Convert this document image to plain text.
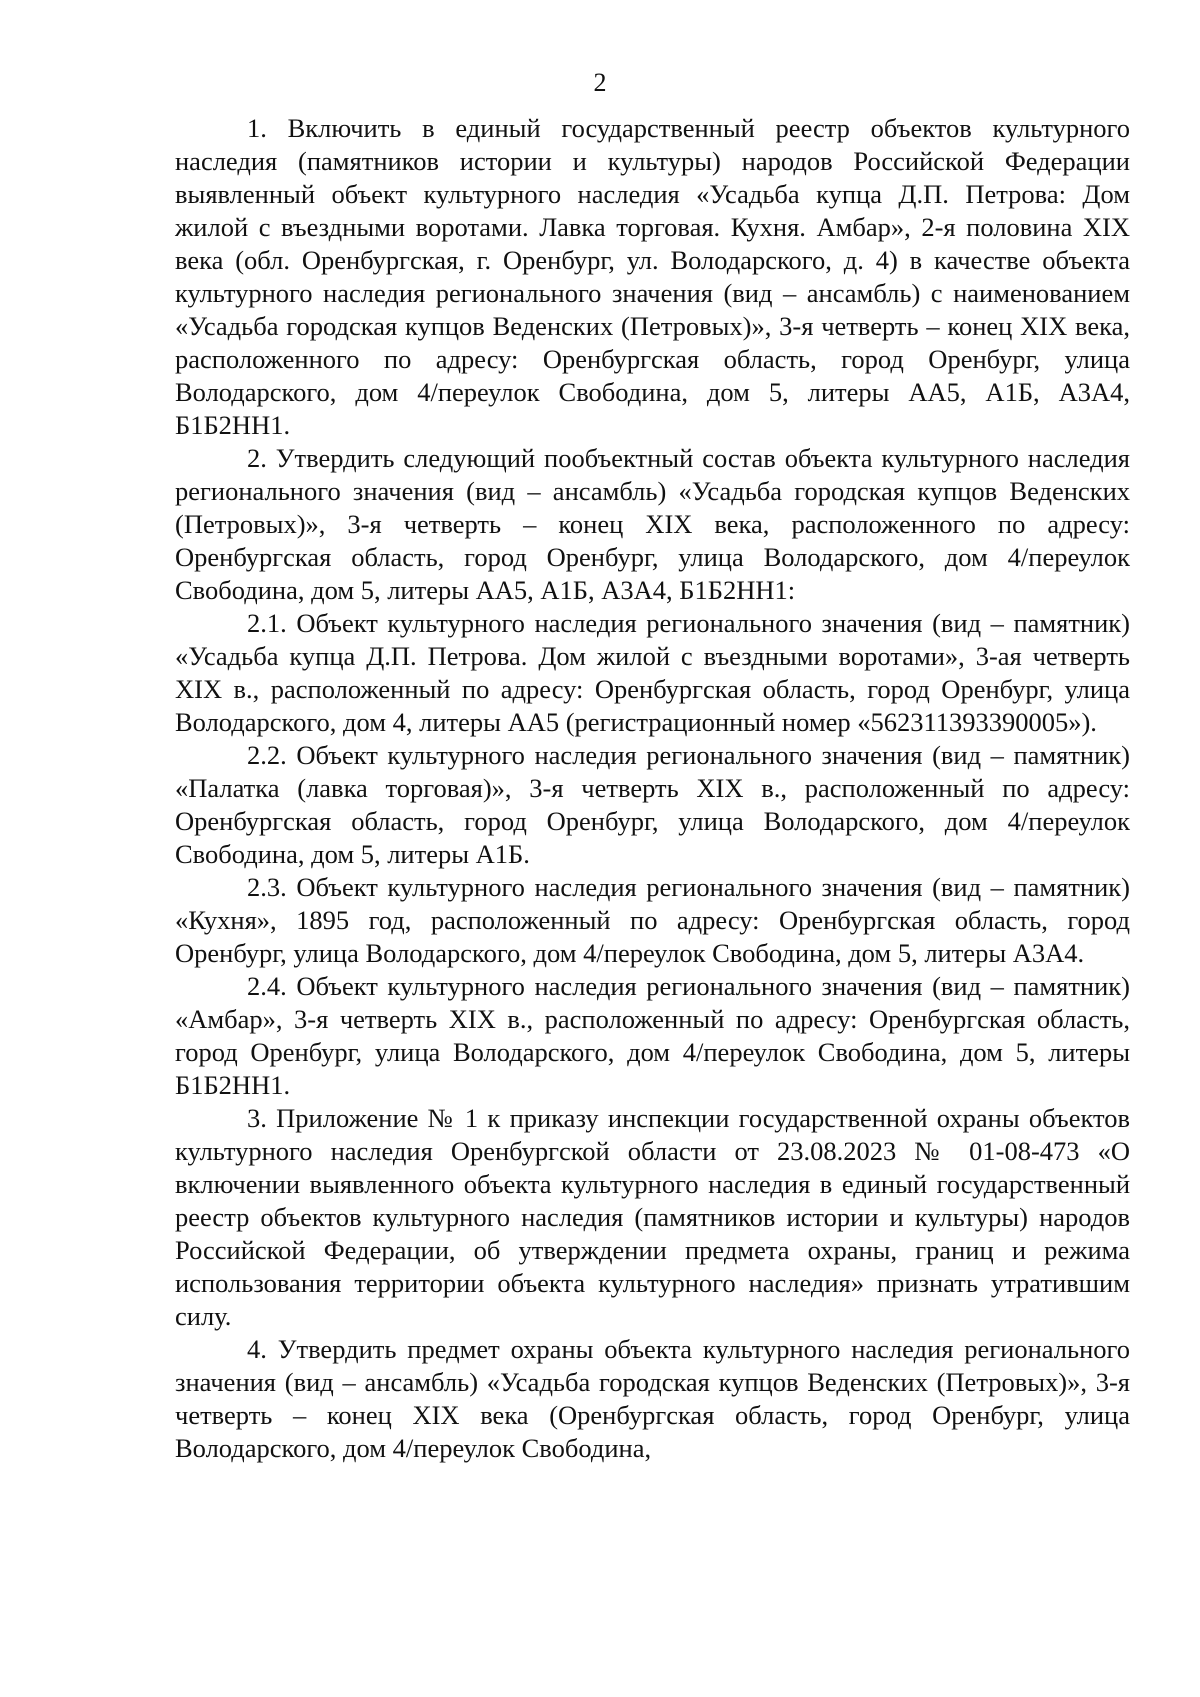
2

1. Включить в единый государственный реестр объектов культурного наследия (памятников истории и культуры) народов Российской Федерации выявленный объект культурного наследия «Усадьба купца Д.П. Петрова: Дом жилой с въездными воротами. Лавка торговая. Кухня. Амбар», 2-я половина XIX века (обл. Оренбургская, г. Оренбург, ул. Володарского, д. 4) в качестве объекта культурного наследия регионального значения (вид – ансамбль) с наименованием «Усадьба городская купцов Веденских (Петровых)», 3-я четверть – конец XIX века, расположенного по адресу: Оренбургская область, город Оренбург, улица Володарского, дом 4/переулок Свободина, дом 5, литеры АА5, А1Б, А3А4, Б1Б2НН1.

2. Утвердить следующий пообъектный состав объекта культурного наследия регионального значения (вид – ансамбль) «Усадьба городская купцов Веденских (Петровых)», 3-я четверть – конец XIX века, расположенного по адресу: Оренбургская область, город Оренбург, улица Володарского, дом 4/переулок Свободина, дом 5, литеры АА5, А1Б, А3А4, Б1Б2НН1:

2.1. Объект культурного наследия регионального значения (вид – памятник) «Усадьба купца Д.П. Петрова. Дом жилой с въездными воротами», 3-ая четверть XIX в., расположенный по адресу: Оренбургская область, город Оренбург, улица Володарского, дом 4, литеры АА5 (регистрационный номер «562311393390005»).

2.2. Объект культурного наследия регионального значения (вид – памятник) «Палатка (лавка торговая)», 3-я четверть XIX в., расположенный по адресу: Оренбургская область, город Оренбург, улица Володарского, дом 4/переулок Свободина, дом 5, литеры А1Б.

2.3. Объект культурного наследия регионального значения (вид – памятник) «Кухня», 1895 год, расположенный по адресу: Оренбургская область, город Оренбург, улица Володарского, дом 4/переулок Свободина, дом 5, литеры А3А4.

2.4. Объект культурного наследия регионального значения (вид – памятник) «Амбар», 3-я четверть XIX в., расположенный по адресу: Оренбургская область, город Оренбург, улица Володарского, дом 4/переулок Свободина, дом 5, литеры Б1Б2НН1.

3. Приложение № 1 к приказу инспекции государственной охраны объектов культурного наследия Оренбургской области от 23.08.2023 № 01-08-473 «О включении выявленного объекта культурного наследия в единый государственный реестр объектов культурного наследия (памятников истории и культуры) народов Российской Федерации, об утверждении предмета охраны, границ и режима использования территории объекта культурного наследия» признать утратившим силу.

4. Утвердить предмет охраны объекта культурного наследия регионального значения (вид – ансамбль) «Усадьба городская купцов Веденских (Петровых)», 3-я четверть – конец XIX века (Оренбургская область, город Оренбург, улица Володарского, дом 4/переулок Свободина,
